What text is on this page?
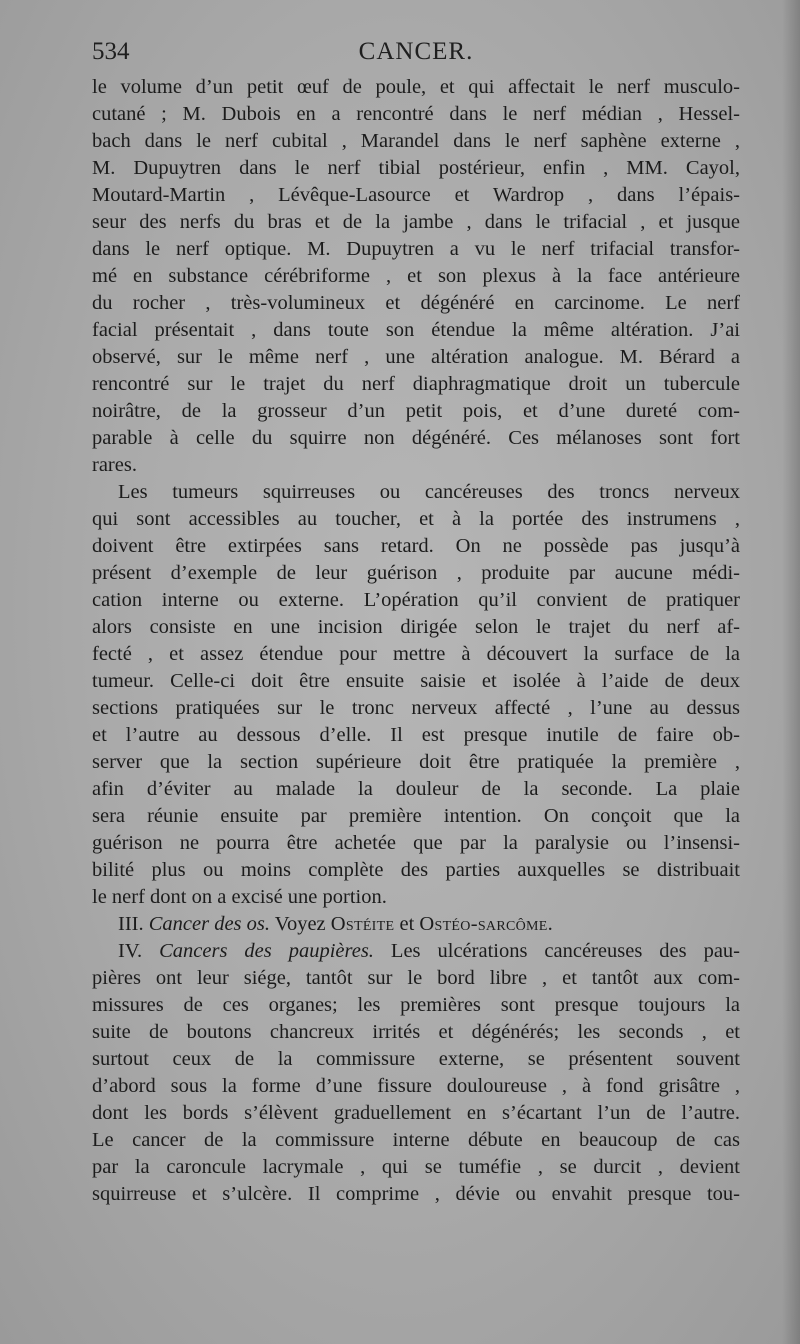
534	CANCER.
le volume d’un petit œuf de poule, et qui affectait le nerf musculo-
cutané ; M. Dubois en a rencontré dans le nerf médian , Hessel-
bach dans le nerf cubital , Marandel dans le nerf saphène externe ,
M. Dupuytren dans le nerf tibial postérieur, enfin , MM. Cayol,
Moutard-Martin , Lévêque-Lasource et Wardrop , dans l’épais-
seur des nerfs du bras et de la jambe , dans le trifacial , et jusque
dans le nerf optique. M. Dupuytren a vu le nerf trifacial transfor-
mé en substance cérébriforme , et son plexus à la face antérieure
du rocher , très-volumineux et dégénéré en carcinome. Le nerf
facial présentait , dans toute son étendue la même altération. J’ai
observé, sur le même nerf , une altération analogue. M. Bérard a
rencontré sur le trajet du nerf diaphragmatique droit un tubercule
noirâtre, de la grosseur d’un petit pois, et d’une dureté com-
parable à celle du squirre non dégénéré. Ces mélanoses sont fort
rares.
Les tumeurs squirreuses ou cancéreuses des troncs nerveux
qui sont accessibles au toucher, et à la portée des instrumens ,
doivent être extirpées sans retard. On ne possède pas jusqu’à
présent d’exemple de leur guérison , produite par aucune médi-
cation interne ou externe. L’opération qu’il convient de pratiquer
alors consiste en une incision dirigée selon le trajet du nerf af-
fecté , et assez étendue pour mettre à découvert la surface de la
tumeur. Celle-ci doit être ensuite saisie et isolée à l’aide de deux
sections pratiquées sur le tronc nerveux affecté , l’une au dessus
et l’autre au dessous d’elle. Il est presque inutile de faire ob-
server que la section supérieure doit être pratiquée la première ,
afin d’éviter au malade la douleur de la seconde. La plaie
sera réunie ensuite par première intention. On conçoit que la
guérison ne pourra être achetée que par la paralysie ou l’insensi-
bilité plus ou moins complète des parties auxquelles se distribuait
le nerf dont on a excisé une portion.
III. Cancer des os. Voyez Ostéite et Ostéo-sarcôme.
IV. Cancers des paupières. Les ulcérations cancéreuses des pau-
pières ont leur siége, tantôt sur le bord libre , et tantôt aux com-
missures de ces organes; les premières sont presque toujours la
suite de boutons chancreux irrités et dégénérés; les seconds , et
surtout ceux de la commissure externe, se présentent souvent
d’abord sous la forme d’une fissure douloureuse , à fond grisâtre ,
dont les bords s’élèvent graduellement en s’écartant l’un de l’autre.
Le cancer de la commissure interne débute en beaucoup de cas
par la caroncule lacrymale , qui se tuméfie , se durcit , devient
squirreuse et s’ulcère. Il comprime , dévie ou envahit presque tou-
